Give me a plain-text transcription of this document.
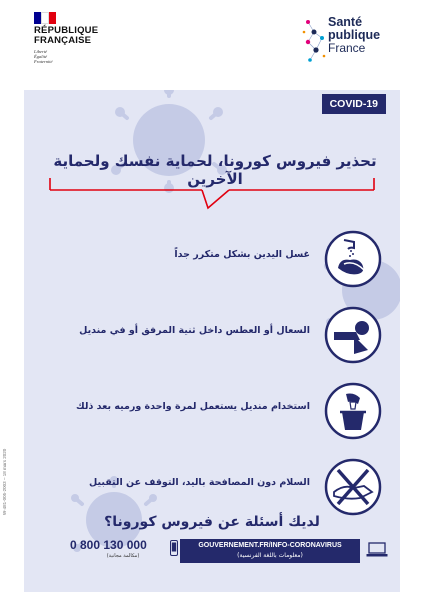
RÉPUBLIQUE
FRANÇAISE
Liberté
Égalité
Fraternité
Santé
publique
France
COVID-19
تحذير فيروس كورونا، لحماية نفسك ولحماية الآخرين
غسل اليدين بشكل متكرر جداً
السعال أو العطس داخل ثنية المرفق أو في منديل
استخدام منديل يستعمل لمرة واحدة ورميه بعد ذلك
السلام دون المصافحة باليد، التوقف عن التقبيل
لديك أسئلة عن فيروس كورونا؟
0 800 130 000
(مكالمة مجانية)
GOUVERNEMENT.FR/INFO-CORONAVIRUS
(معلومات باللغة الفرنسية)
W-481-005-2003 – 18 mars 2020
